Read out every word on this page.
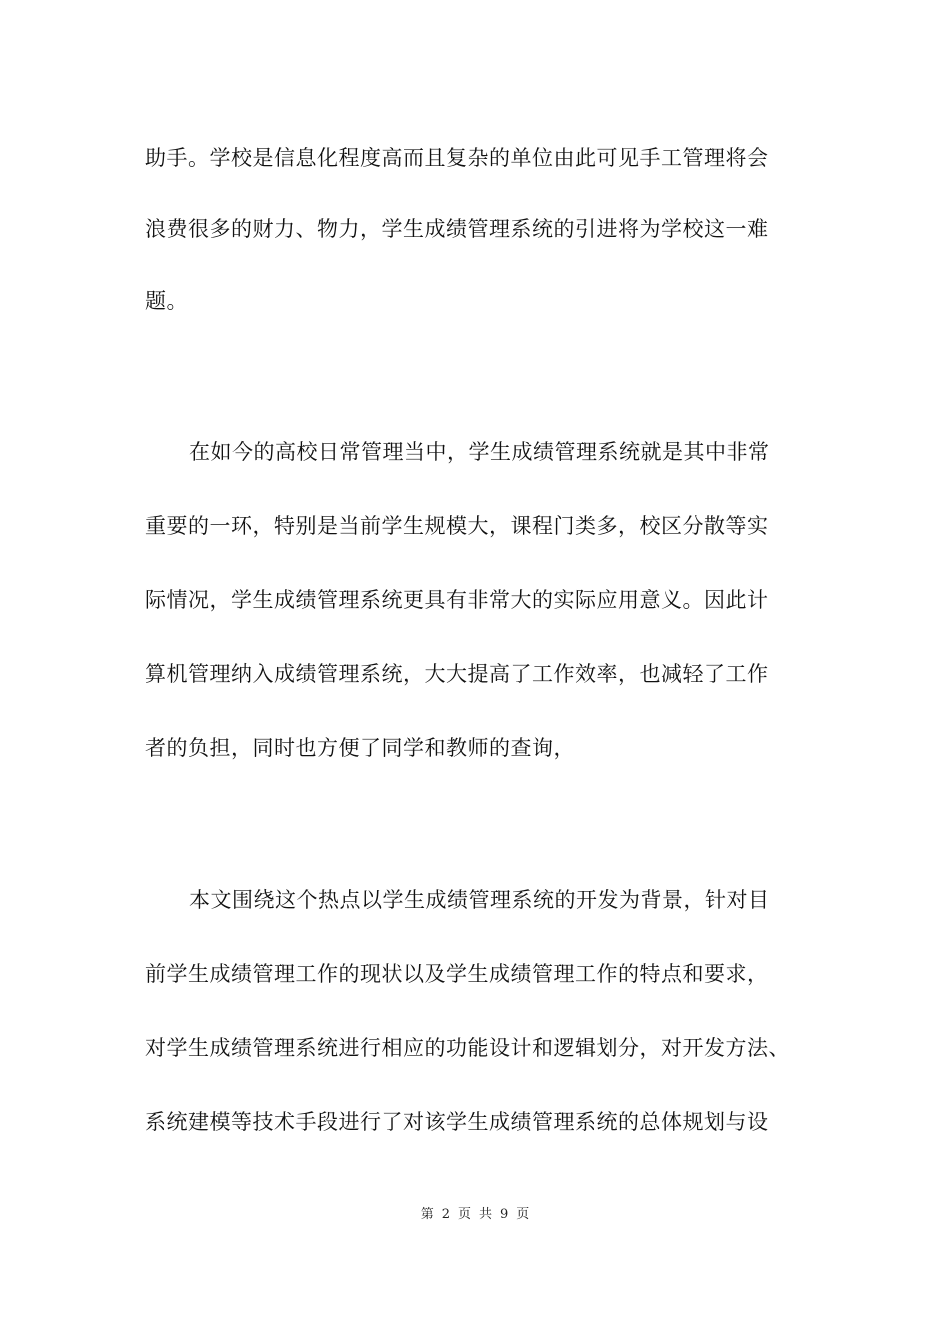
助手。学校是信息化程度高而且复杂的单位由此可见手工管理将会
浪费很多的财力、物力，学生成绩管理系统的引进将为学校这一难
题。
在如今的高校日常管理当中，学生成绩管理系统就是其中非常
重要的一环，特别是当前学生规模大，课程门类多，校区分散等实
际情况，学生成绩管理系统更具有非常大的实际应用意义。因此计
算机管理纳入成绩管理系统，大大提高了工作效率，也减轻了工作
者的负担，同时也方便了同学和教师的查询，
本文围绕这个热点以学生成绩管理系统的开发为背景，针对目
前学生成绩管理工作的现状以及学生成绩管理工作的特点和要求，
对学生成绩管理系统进行相应的功能设计和逻辑划分，对开发方法、
系统建模等技术手段进行了对该学生成绩管理系统的总体规划与设
第 2 页 共 9 页
